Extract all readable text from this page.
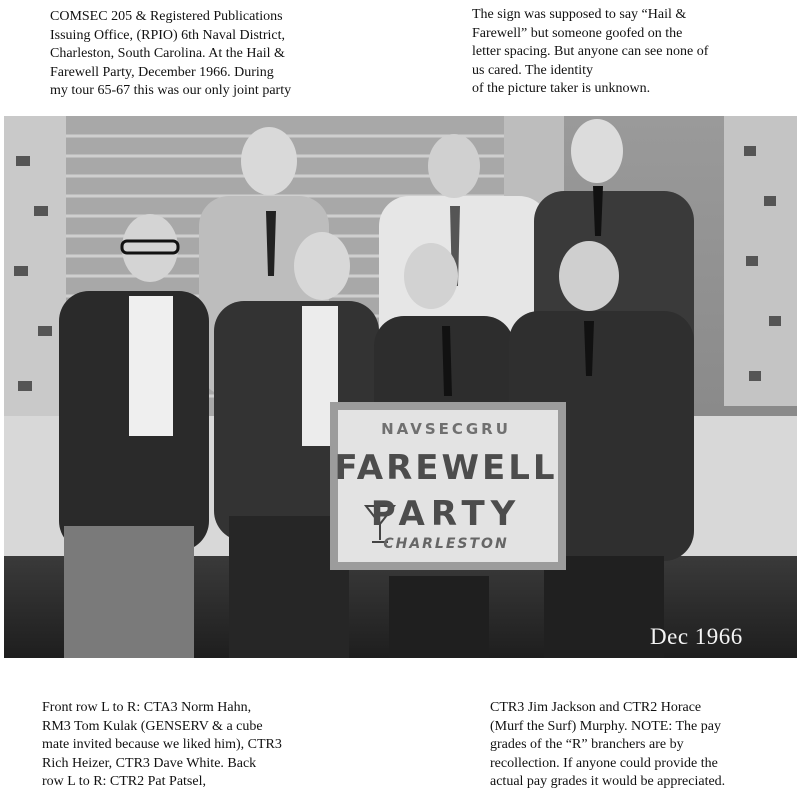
COMSEC 205 & Registered Publications
Issuing Office, (RPIO) 6th Naval District,
Charleston, South Carolina. At the Hail &
Farewell Party, December 1966. During
my tour 65-67 this was our only joint party
The sign was supposed to say “Hail &
Farewell” but someone goofed on the
letter spacing. But anyone can see none of
us cared. The identity
of the picture taker is unknown.
NAVSECGRU
FAREWELL
PARTY
CHARLESTON
Dec 1966
Front row L to R: CTA3 Norm Hahn,
RM3 Tom Kulak (GENSERV & a cube
mate invited because we liked him), CTR3
Rich Heizer, CTR3 Dave White. Back
row L to R: CTR2 Pat Patsel,
CTR3 Jim Jackson and CTR2 Horace
(Murf the Surf) Murphy. NOTE: The pay
grades of the “R” branchers are by
recollection. If anyone could provide the
actual pay grades it would be appreciated.
